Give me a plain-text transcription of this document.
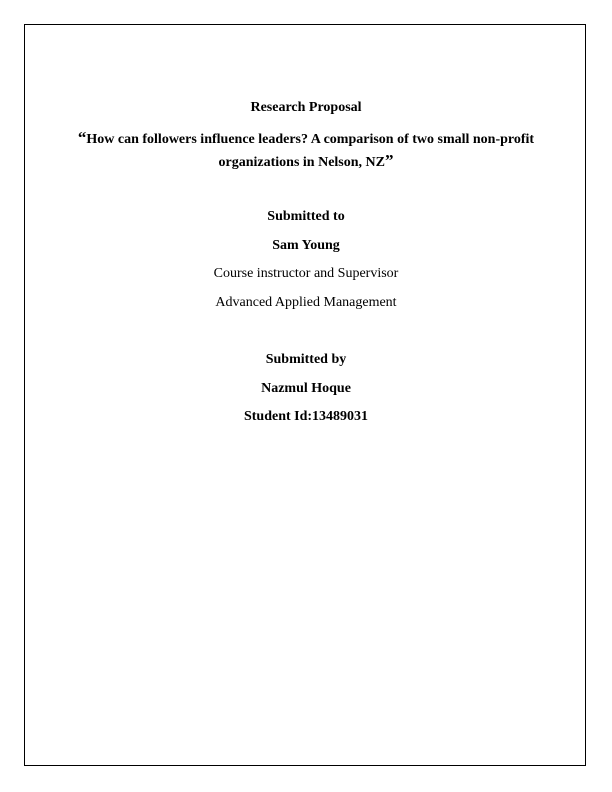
Research Proposal
“How can followers influence leaders? A comparison of two small non-profit organizations in Nelson, NZ”
Submitted to
Sam Young
Course instructor and Supervisor
Advanced Applied Management
Submitted by
Nazmul Hoque
Student Id:13489031
